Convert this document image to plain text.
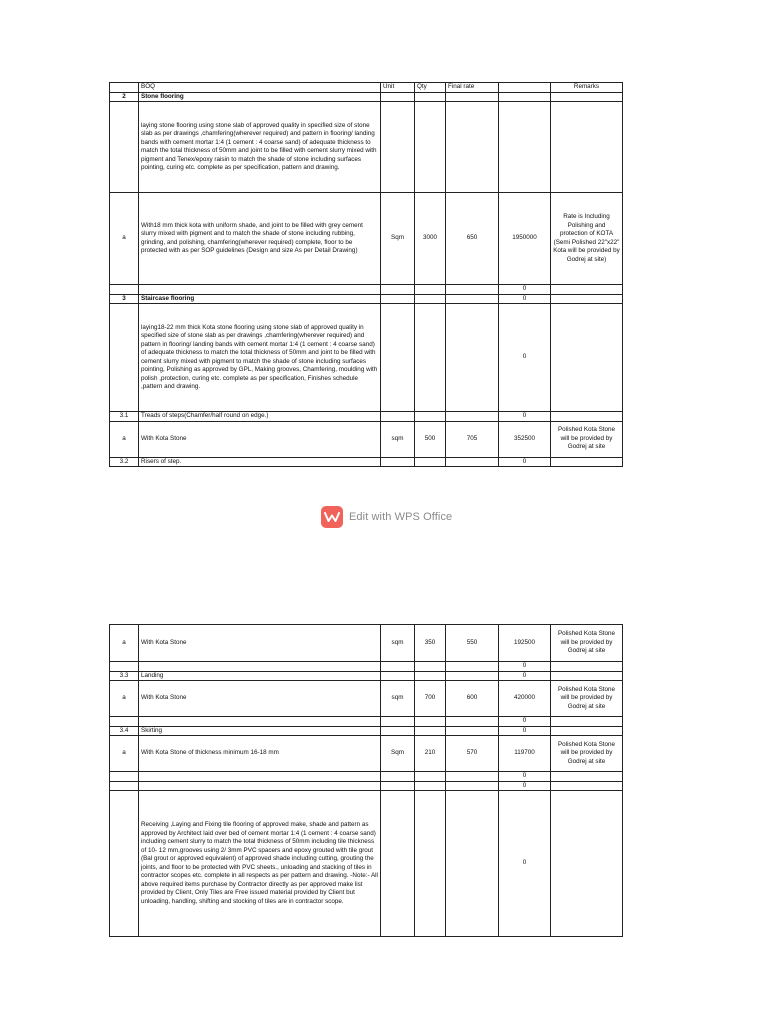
	BOQ	Unit	Qty	Final rate		Remarks
2	Stone flooring					
	laying stone flooring using stone slab of approved quality in specified size of stone slab as per drawings ,chamfering(wherever required) and pattern in flooring/ landing bands with cement mortar 1:4 (1 cement : 4 coarse sand) of adequate thickness to match the total thickness of 50mm and joint to be filled with cement slurry mixed with pigment and Tenex/epoxy raisin to match the shade of stone including surfaces pointing, curing etc. complete as per specification, pattern and drawing.					
a	With18 mm thick kota with uniform shade, and joint to be filled with grey cement slurry mixed with pigment and to match the shade of stone including rubbing, grinding, and polishing, chamfering(wherever required) complete, floor to be protected with as per SOP guidelines (Design and size As per Detail Drawing)	Sqm	3000	650	1950000	Rate is Including Polishing and protection of KOTA (Semi Polished 22"x22" Kota will be provided by Godrej at site)
					0	
3	Staircase flooring				0	
	laying18-22 mm thick Kota stone flooring using stone slab of approved quality in specified size of stone slab as per drawings ,chamfering(wherever required) and pattern in flooring/ landing bands with cement mortar 1:4 (1 cement : 4 coarse sand) of adequate thickness to match the total thickness of 50mm and joint to be filled with cement slurry mixed with pigment to match the shade of stone including surfaces pointing, Polishing as approved by GPL, Making grooves, Chamfering, moulding with polish ,protection, curing etc. complete as per specification, Finishes schedule ,pattern and drawing.				0	
3.1	Treads of steps(Chamfer/half round on edge.)				0	
a	With Kota Stone	sqm	500	705	352500	Polished Kota Stone will be provided by Godrej at site
3.2	Risers of step.				0	
Edit with WPS Office
a	With Kota Stone	sqm	350	550	192500	Polished Kota Stone will be provided by Godrej at site
					0	
3.3	Landing				0	
a	With Kota Stone	sqm	700	600	420000	Polished Kota Stone will be provided by Godrej at site
					0	
3.4	Skirting				0	
a	With Kota Stone of thickness minimum 16-18 mm	Sqm	210	570	119700	Polished Kota Stone will be provided by Godrej at site
					0	
					0	
	Receiving ,Laying and Fixing tile flooring of approved make, shade and pattern as approved by Architect laid over bed of cement mortar 1:4 (1 cement : 4 coarse sand) including cement slurry to match the total thickness of 50mm including tile thickness of 10- 12 mm,grooves using 2/ 3mm PVC spacers and epoxy grouted with tile grout (Bal grout or approved equivalent) of approved shade including cutting, grouting the joints, and floor to be protected with PVC sheets., unloading and stacking of tiles in contractor scopes etc. complete in all respects as per pattern and drawing. -Note:- All above required items purchase by Contractor directly as per approved make list provided by Client, Only Tiles are Free issued material provided by Client but unloading, handling, shifting and stocking of tiles are in contractor scope.				0	
